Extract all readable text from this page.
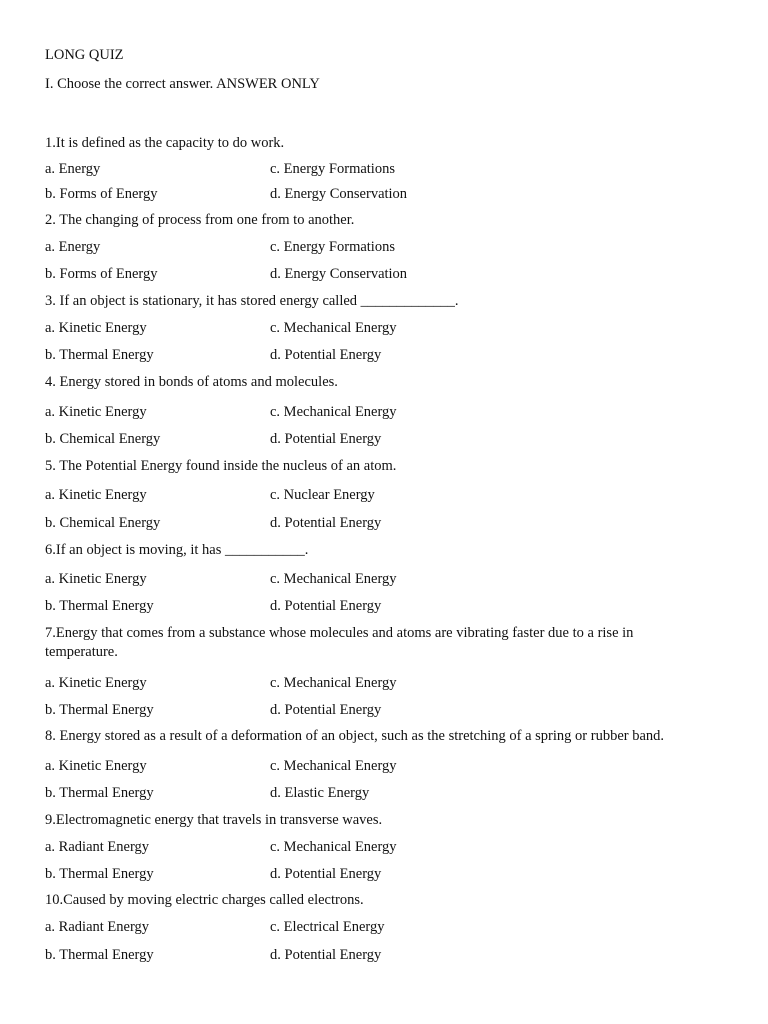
LONG QUIZ
I. Choose the correct answer. ANSWER ONLY
1.It is defined as the capacity to do work.
a. Energy	c. Energy Formations
b. Forms of Energy	d. Energy Conservation
2. The changing of process from one from to another.
a. Energy	c. Energy Formations
b. Forms of Energy	d. Energy Conservation
3. If an object is stationary, it has stored energy called _____________.
a. Kinetic Energy	c. Mechanical Energy
b. Thermal Energy	d. Potential Energy
4. Energy stored in bonds of atoms and molecules.
a. Kinetic Energy	c. Mechanical Energy
b. Chemical Energy	d. Potential Energy
5. The Potential Energy found inside the nucleus of an atom.
a. Kinetic Energy	c. Nuclear Energy
b. Chemical Energy	d. Potential Energy
6.If an object is moving, it has ___________.
a. Kinetic Energy	c. Mechanical Energy
b. Thermal Energy	d. Potential Energy
7.Energy that comes from a substance whose molecules and atoms are vibrating faster due to a rise in temperature.
a. Kinetic Energy	c. Mechanical Energy
b. Thermal Energy	d. Potential Energy
8. Energy stored as a result of a deformation of an object, such as the stretching of a spring or rubber band.
a. Kinetic Energy	c. Mechanical Energy
b. Thermal Energy	d. Elastic Energy
9.Electromagnetic energy that travels in transverse waves.
a. Radiant Energy	c. Mechanical Energy
b. Thermal Energy	d. Potential Energy
10.Caused by moving electric charges called electrons.
a. Radiant Energy	c. Electrical Energy
b. Thermal Energy	d. Potential Energy
